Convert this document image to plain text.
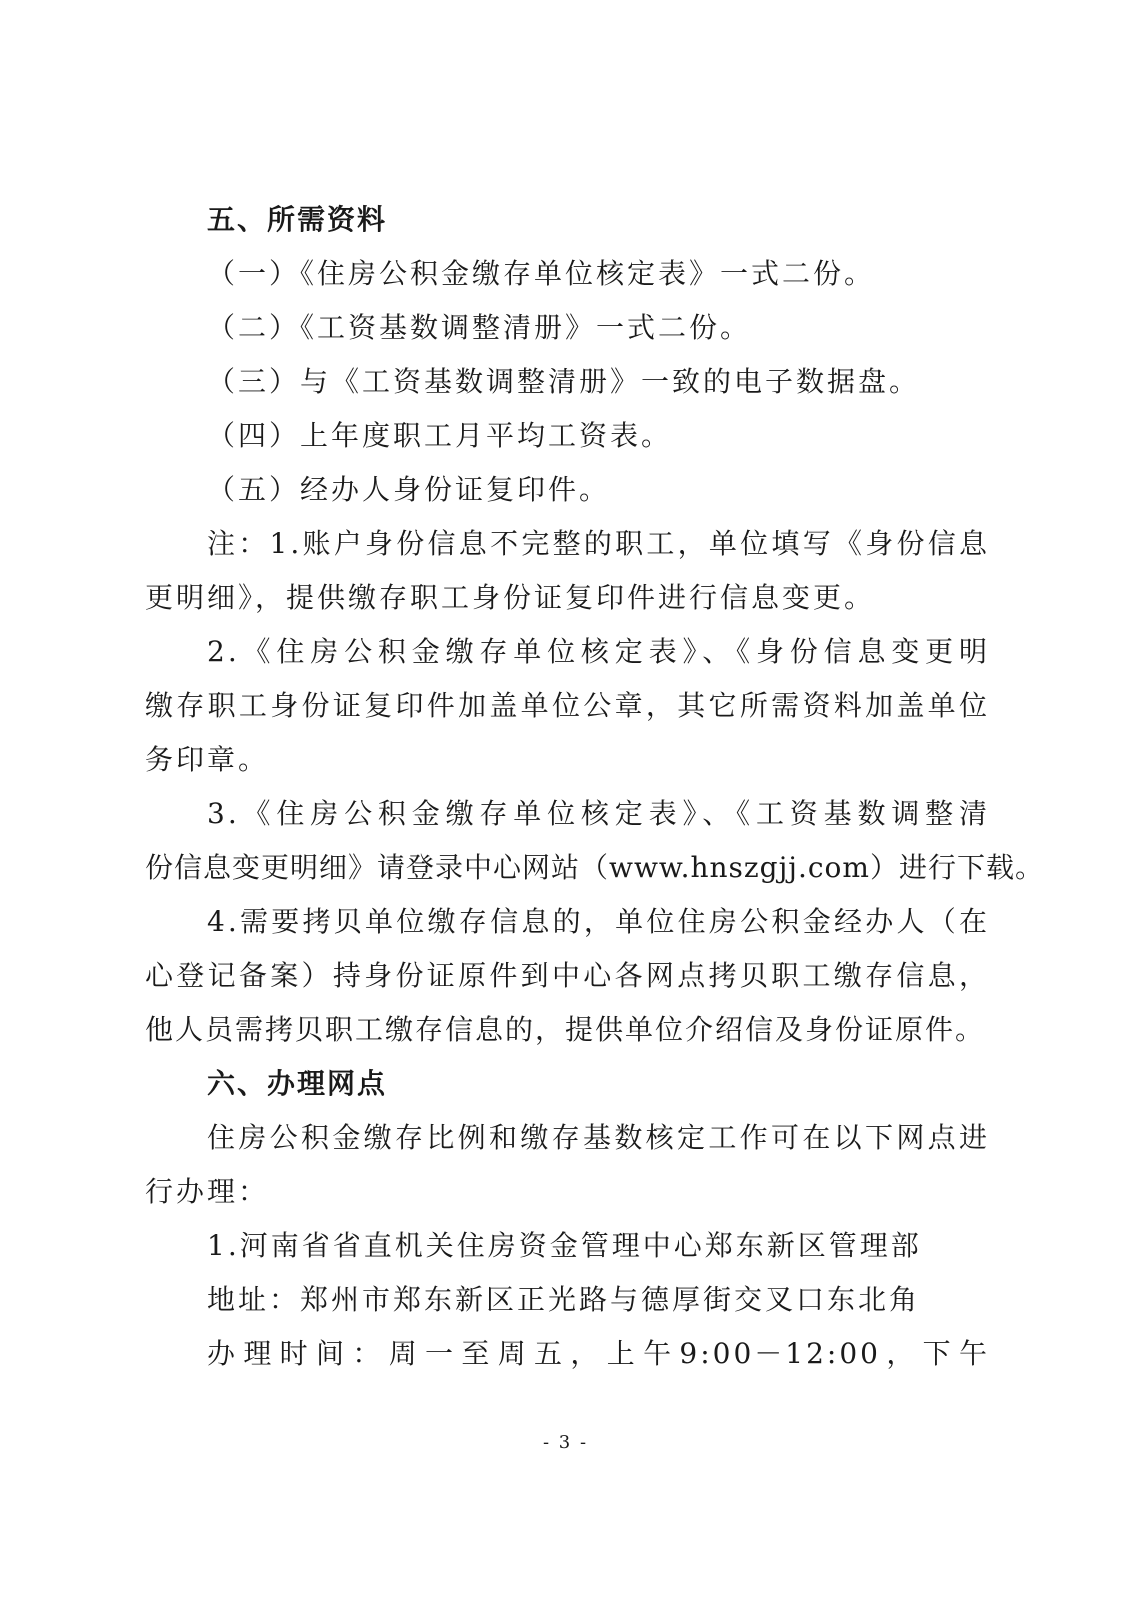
五、所需资料
（一）《住房公积金缴存单位核定表》一式二份。
（二）《工资基数调整清册》一式二份。
（三）与《工资基数调整清册》一致的电子数据盘。
（四）上年度职工月平均工资表。
（五）经办人身份证复印件。
注：1.账户身份信息不完整的职工，单位填写《身份信息
更明细》，提供缴存职工身份证复印件进行信息变更。
2.《住房公积金缴存单位核定表》、《身份信息变更明
缴存职工身份证复印件加盖单位公章，其它所需资料加盖单位
务印章。
3.《住房公积金缴存单位核定表》、《工资基数调整清
份信息变更明细》请登录中心网站（www.hnszgjj.com）进行下载。
4.需要拷贝单位缴存信息的，单位住房公积金经办人（在
心登记备案）持身份证原件到中心各网点拷贝职工缴存信息，
他人员需拷贝职工缴存信息的，提供单位介绍信及身份证原件。
六、办理网点
住房公积金缴存比例和缴存基数核定工作可在以下网点进
行办理：
1.河南省省直机关住房资金管理中心郑东新区管理部
地址：郑州市郑东新区正光路与德厚街交叉口东北角
办理时间：周一至周五，上午9:00－12:00，下午
- 3 -
